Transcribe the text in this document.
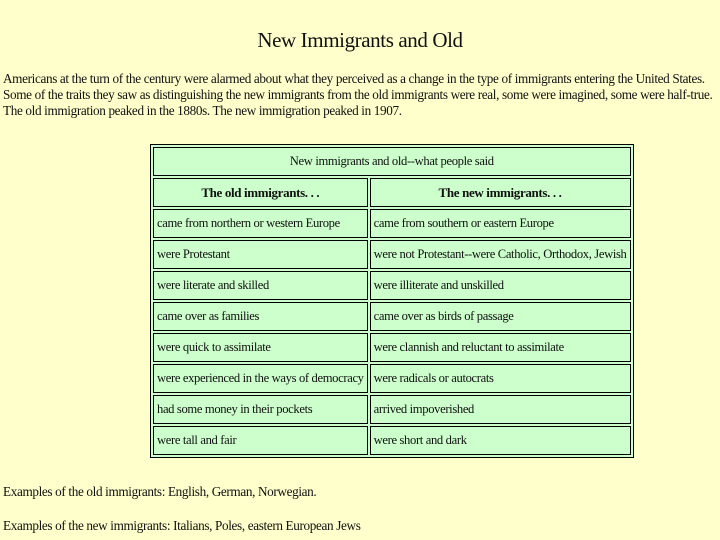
New Immigrants and Old
Americans at the turn of the century were alarmed about what they perceived as a change in the type of immigrants entering the United States. Some of the traits they saw as distinguishing the new immigrants from the old immigrants were real, some were imagined, some were half-true. The old immigration peaked in the 1880s. The new immigration peaked in 1907.
New immigrants and old--what people said	
The old immigrants. . .	The new immigrants. . .
came from northern or western Europe	came from southern or eastern Europe
were Protestant	were not Protestant--were Catholic, Orthodox, Jewish
were literate and skilled	were illiterate and unskilled
came over as families	came over as birds of passage
were quick to assimilate	were clannish and reluctant to assimilate
were experienced in the ways of democracy	were radicals or autocrats
had some money in their pockets	arrived impoverished
were tall and fair	were short and dark
Examples of the old immigrants: English, German, Norwegian.
Examples of the new immigrants: Italians, Poles, eastern European Jews
